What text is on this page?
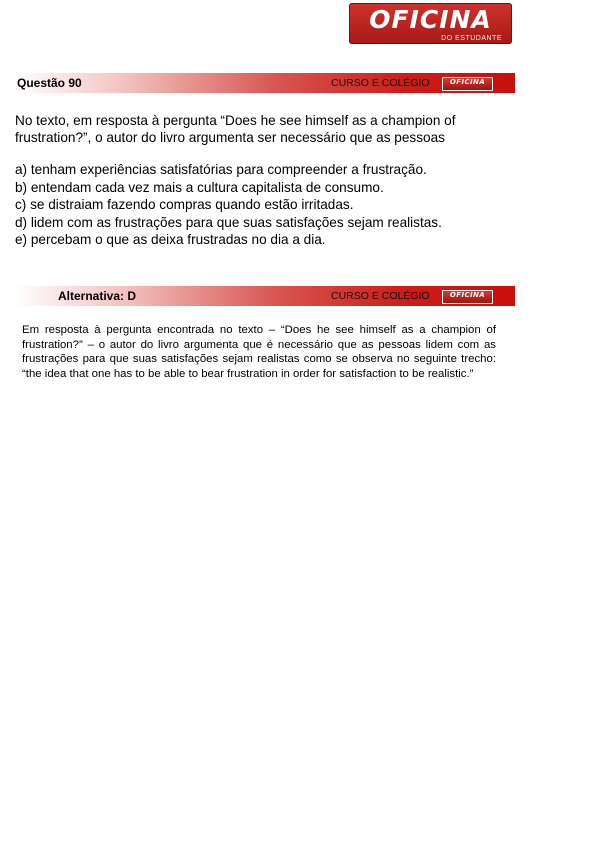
OFICINA
DO ESTUDANTE
Questão 90	CURSO E COLÉGIO	OFICINA

No texto, em resposta à pergunta “Does he see himself as a champion of frustration?”, o autor do livro argumenta ser necessário que as pessoas

a) tenham experiências satisfatórias para compreender a frustração.
b) entendam cada vez mais a cultura capitalista de consumo.
c) se distraiam fazendo compras quando estão irritadas.
d) lidem com as frustrações para que suas satisfações sejam realistas.
e) percebam o que as deixa frustradas no dia a dia.
Alternativa: D	CURSO E COLÉGIO	OFICINA

Em resposta à pergunta encontrada no texto – “Does he see himself as a champion of frustration?” – o autor do livro argumenta que é necessário que as pessoas lidem com as frustrações para que suas satisfações sejam realistas como se observa no seguinte trecho: “the idea that one has to be able to bear frustration in order for satisfaction to be realistic.”
